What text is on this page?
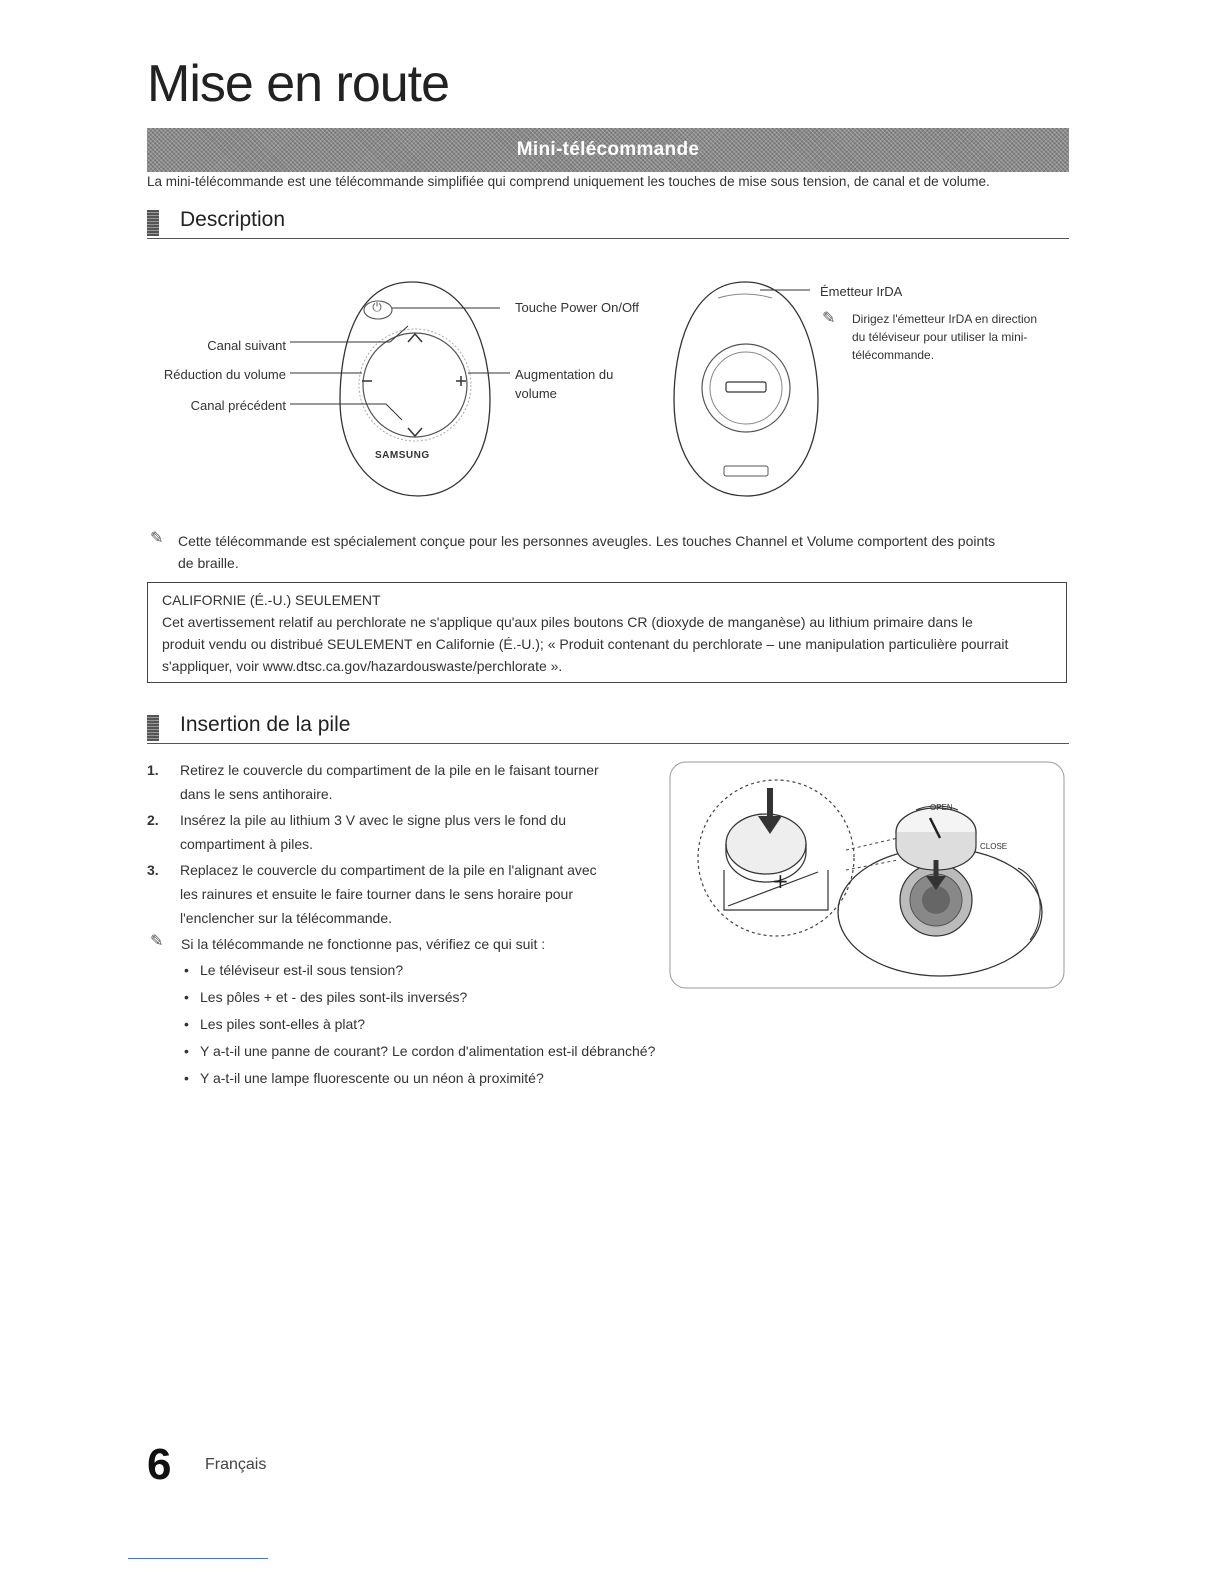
Mise en route
Mini-télécommande
La mini-télécommande est une télécommande simplifiée qui comprend uniquement les touches de mise sous tension, de canal et de volume.
Description
SAMSUNG
⏻
Canal suivant
Réduction du volume
Canal précédent
Touche Power On/Off
Augmentation du
volume
Émetteur IrDA
✎ Dirigez l'émetteur IrDA en direction
du téléviseur pour utiliser la mini-
télécommande.
✎ Cette télécommande est spécialement conçue pour les personnes aveugles. Les touches Channel et Volume comportent des points
de braille.

CALIFORNIE (É.-U.) SEULEMENT

Cet avertissement relatif au perchlorate ne s'applique qu'aux piles boutons CR (dioxyde de manganèse) au lithium primaire dans le

produit vendu ou distribué SEULEMENT en Californie (É.-U.); « Produit contenant du perchlorate – une manipulation particulière pourrait

s'appliquer, voir www.dtsc.ca.gov/hazardouswaste/perchlorate ».

Insertion de la pile
1. Retirez le couvercle du compartiment de la pile en le faisant tourner
dans le sens antihoraire.
2. Insérez la pile au lithium 3 V avec le signe plus vers le fond du
compartiment à piles.
3. Replacez le couvercle du compartiment de la pile en l'alignant avec
les rainures et ensuite le faire tourner dans le sens horaire pour
l'enclencher sur la télécommande.
✎ Si la télécommande ne fonctionne pas, vérifiez ce qui suit :
• Le téléviseur est-il sous tension?
• Les pôles + et - des piles sont-ils inversés?
• Les piles sont-elles à plat?
• Y a-t-il une panne de courant? Le cordon d'alimentation est-il débranché?
• Y a-t-il une lampe fluorescente ou un néon à proximité?
+
OPEN
CLOSE
6 Français
